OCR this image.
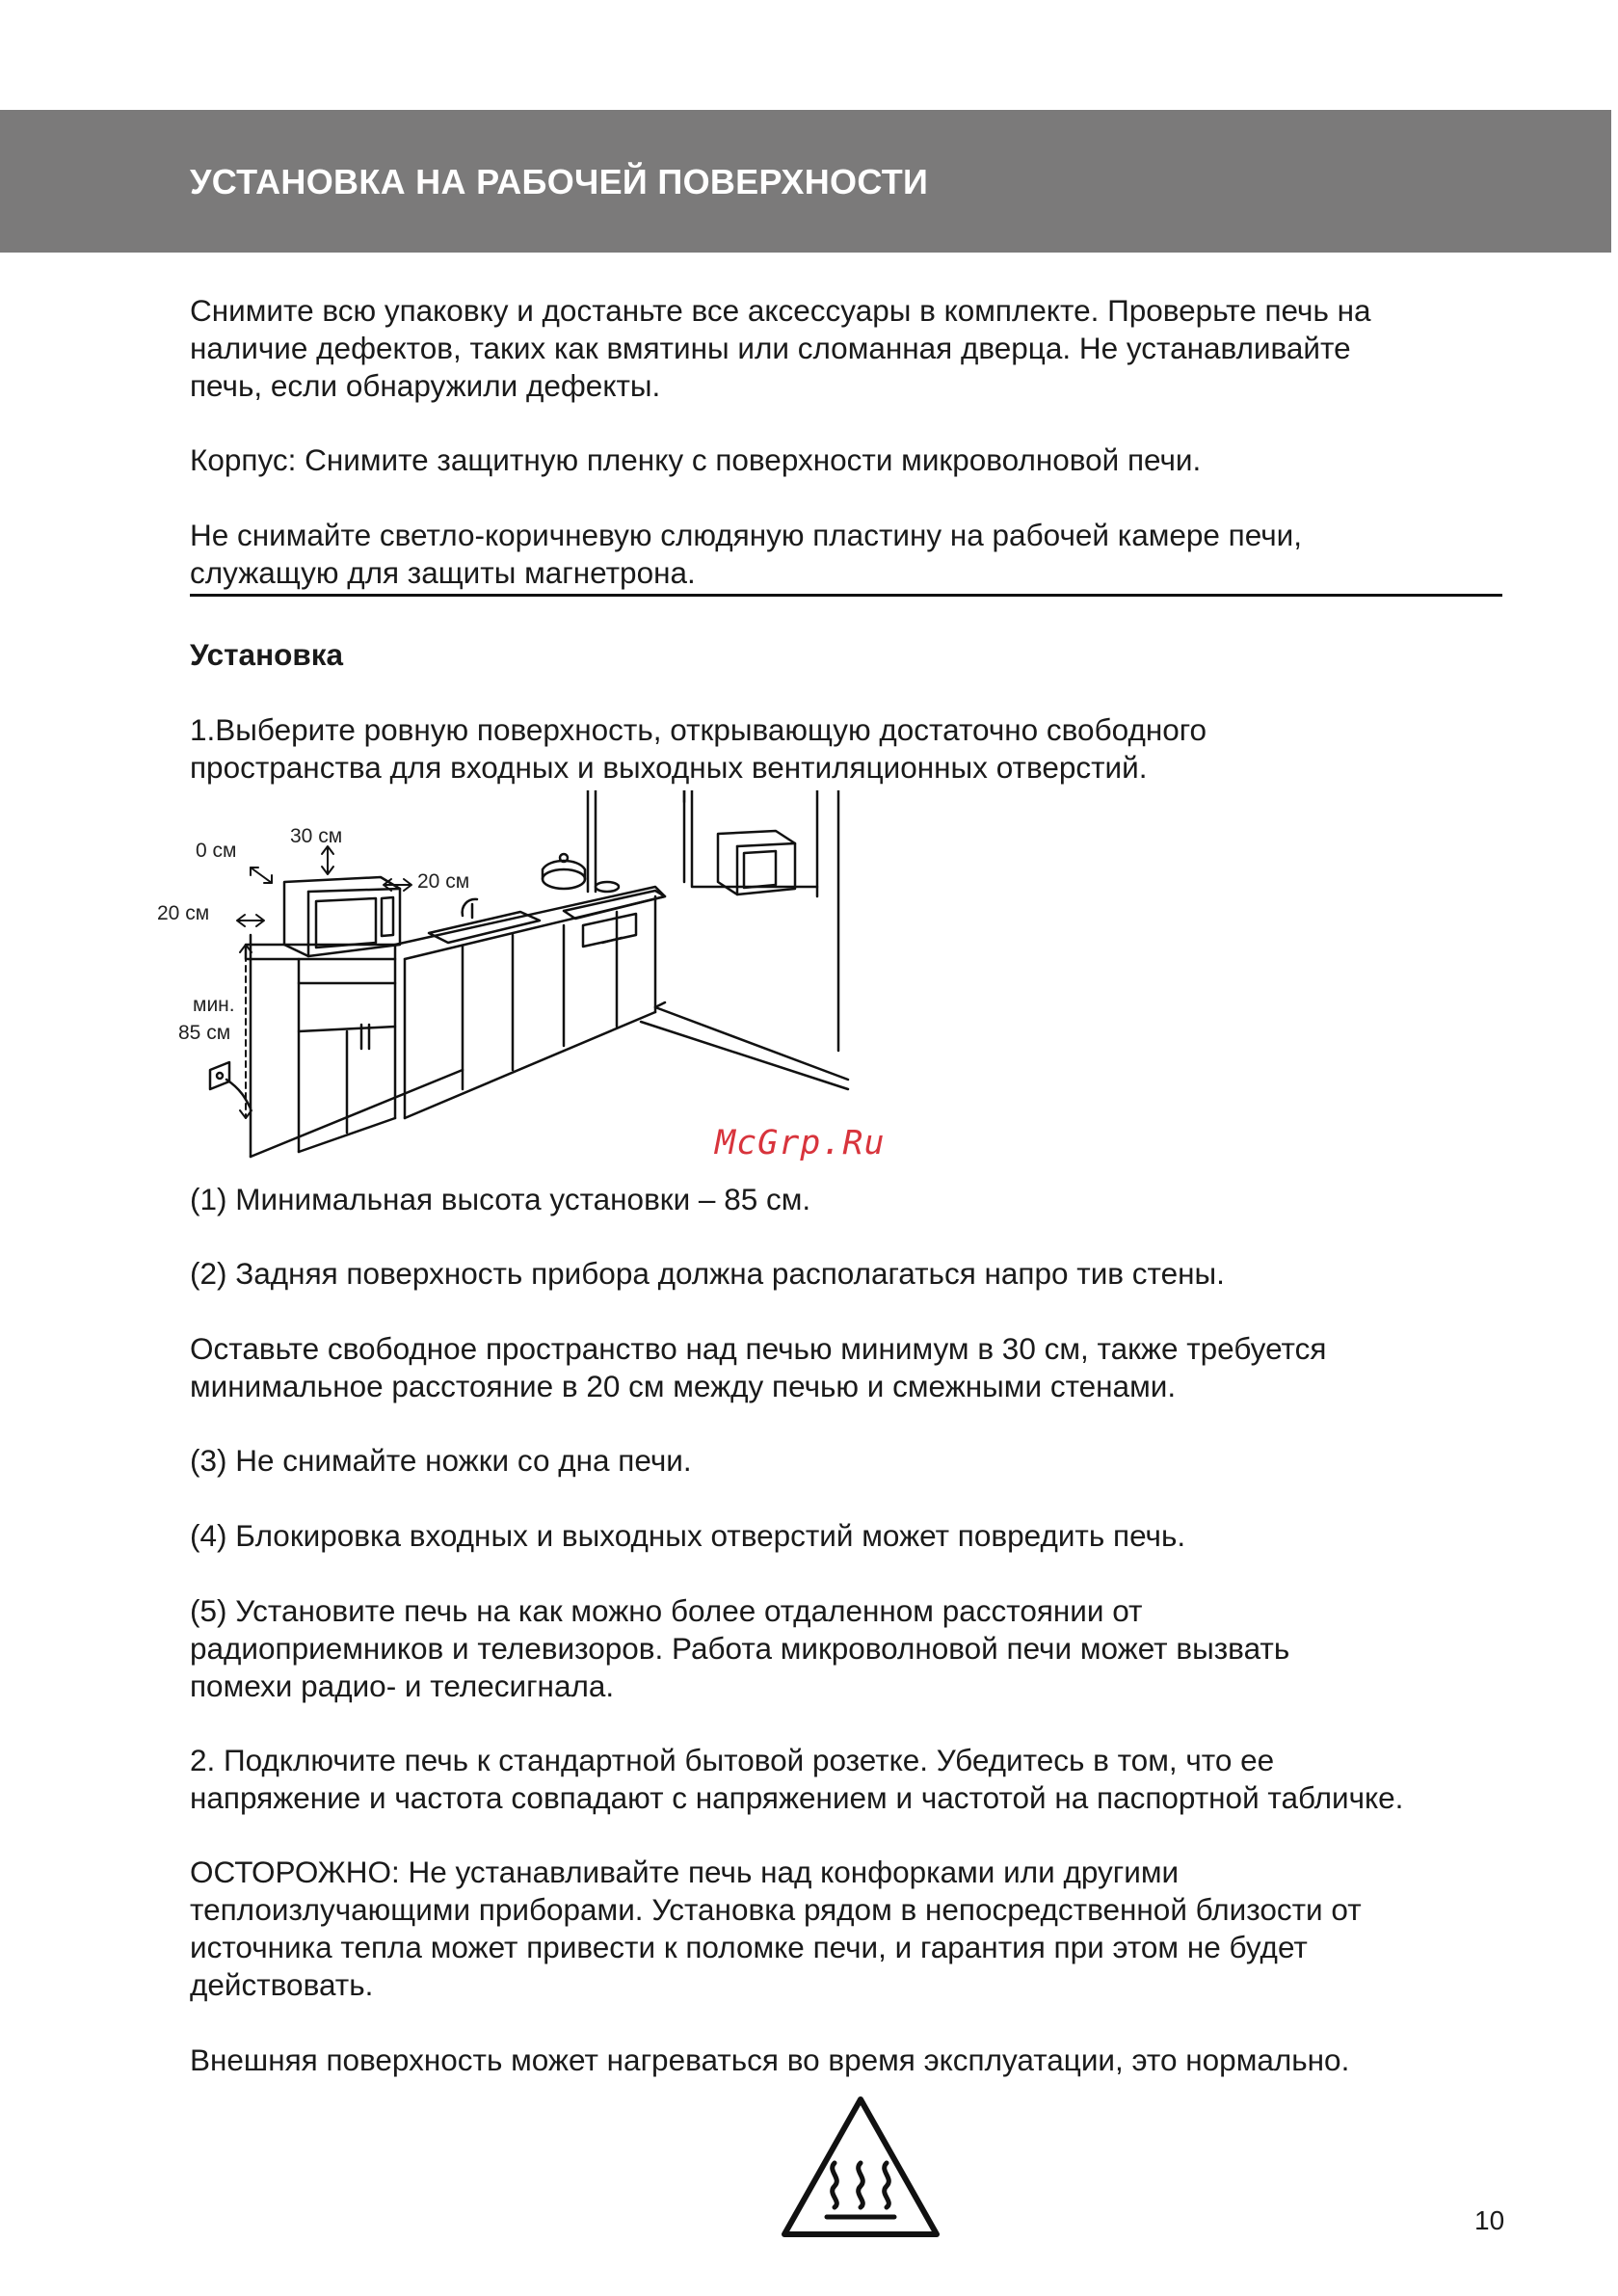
УСТАНОВКА НА РАБОЧЕЙ ПОВЕРХНОСТИ

Снимите всю упаковку и достаньте все аксессуары в комплекте. Проверьте печь на

наличие дефектов, таких как вмятины или сломанная дверца. Не устанавливайте

печь, если обнаружили дефекты.

Корпус: Снимите защитную пленку с поверхности микроволновой печи.

Не снимайте светло-коричневую слюдяную пластину на рабочей камере печи,

служащую для защиты магнетрона.

Установка

1.Выберите ровную поверхность, открывающую достаточно свободного

пространства для входных и выходных вентиляционных отверстий.

0 см
30 см
20 см
20 см
мин.
85 см
McGrp.Ru

(1) Минимальная высота установки – 85 см.

(2) Задняя поверхность прибора должна располагаться напро тив стены.

Оставьте свободное пространство над печью минимум в 30 см, также требуется

минимальное расстояние в 20 см между печью и смежными стенами.

(3) Не снимайте ножки со дна печи.

(4) Блокировка входных и выходных отверстий может повредить печь.

(5) Установите печь на как можно более отдаленном расстоянии от

радиоприемников и телевизоров. Работа микроволновой печи может вызвать

помехи радио- и телесигнала.

2. Подключите печь к стандартной бытовой розетке. Убедитесь в том, что ее

напряжение и частота совпадают с напряжением и частотой на паспортной табличке.

ОСТОРОЖНО: Не устанавливайте печь над конфорками или другими

теплоизлучающими приборами. Установка рядом в непосредственной близости от

источника тепла может привести к поломке печи, и гарантия при этом не будет

действовать.

Внешняя поверхность может нагреваться во время эксплуатации, это нормально.

10
